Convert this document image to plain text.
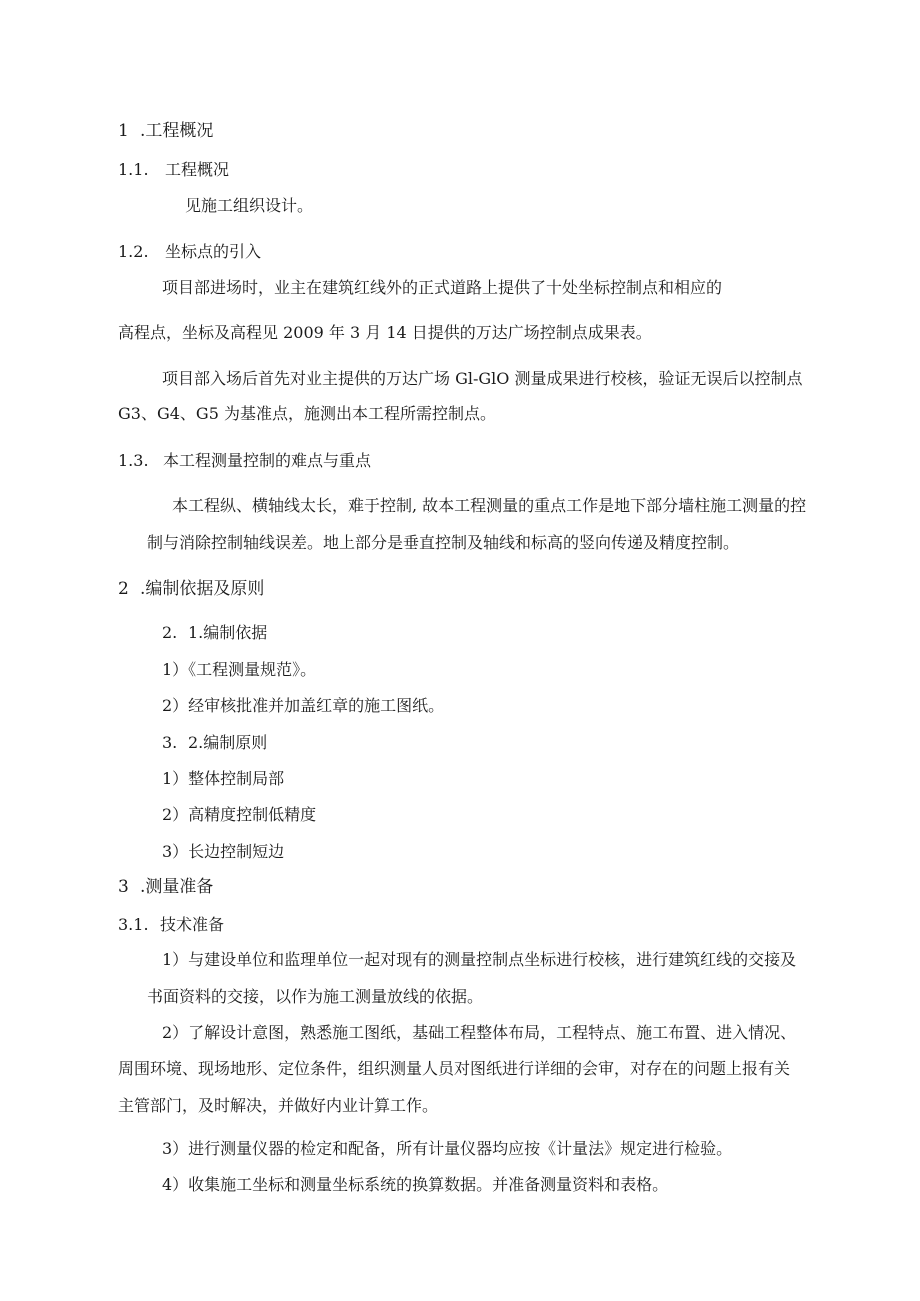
1 .工程概况
1.1. 工程概况
见施工组织设计。
1.2. 坐标点的引入
项目部进场时，业主在建筑红线外的正式道路上提供了十处坐标控制点和相应的
高程点，坐标及高程见 2009 年 3 月 14 日提供的万达广场控制点成果表。
项目部入场后首先对业主提供的万达广场 Gl-GlO 测量成果进行校核，验证无误后以控制点
G3、G4、G5 为基准点，施测出本工程所需控制点。
1.3. 本工程测量控制的难点与重点
本工程纵、横轴线太长，难于控制, 故本工程测量的重点工作是地下部分墙柱施工测量的控
制与消除控制轴线误差。地上部分是垂直控制及轴线和标高的竖向传递及精度控制。
2 .编制依据及原则
2. 1.编制依据
1）《工程测量规范》。
2）经审核批准并加盖红章的施工图纸。
3. 2.编制原则
1）整体控制局部
2）高精度控制低精度
3）长边控制短边
3 .测量准备
3.1. 技术准备
1）与建设单位和监理单位一起对现有的测量控制点坐标进行校核，进行建筑红线的交接及
书面资料的交接，以作为施工测量放线的依据。
2）了解设计意图，熟悉施工图纸，基础工程整体布局，工程特点、施工布置、进入情况、
周围环境、现场地形、定位条件，组织测量人员对图纸进行详细的会审，对存在的问题上报有关
主管部门，及时解决，并做好内业计算工作。
3）进行测量仪器的检定和配备，所有计量仪器均应按《计量法》规定进行检验。
4）收集施工坐标和测量坐标系统的换算数据。并准备测量资料和表格。
